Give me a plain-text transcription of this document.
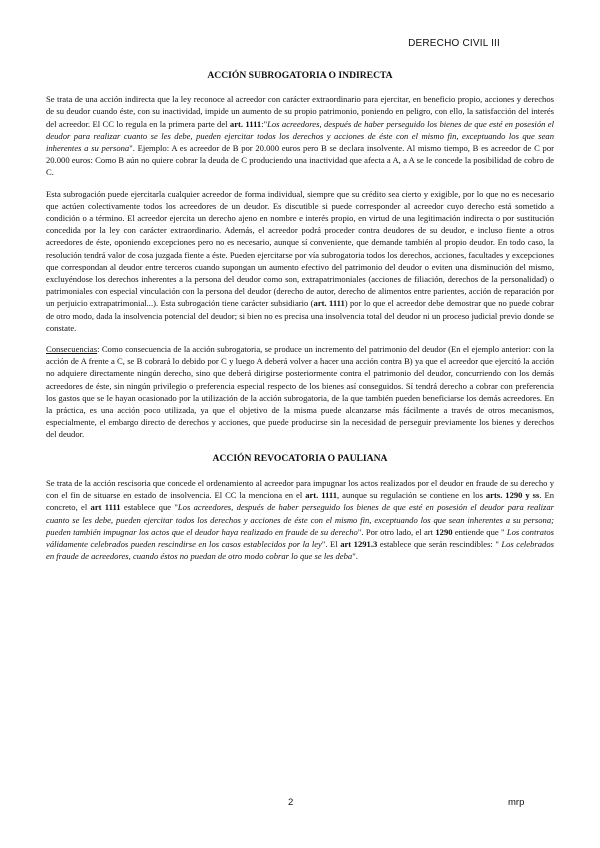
DERECHO CIVIL III
ACCIÓN SUBROGATORIA O INDIRECTA

Se trata de una acción indirecta que la ley reconoce al acreedor con carácter extraordinario para ejercitar, en beneficio propio, acciones y derechos de su deudor cuando éste, con su inactividad, impide un aumento de su propio patrimonio, poniendo en peligro, con ello, la satisfacción del interés del acreedor. El CC lo regula en la primera parte del art. 1111:"Los acreedores, después de haber perseguido los bienes de que esté en posesión el deudor para realizar cuanto se les debe, pueden ejercitar todos los derechos y acciones de éste con el mismo fin, exceptuando los que sean inherentes a su persona". Ejemplo: A es acreedor de B por 20.000 euros pero B se declara insolvente. Al mismo tiempo, B es acreedor de C por 20.000 euros: Como B aún no quiere cobrar la deuda de C produciendo una inactividad que afecta a A, a A se le concede la posibilidad de cobro de C.

Esta subrogación puede ejercitarla cualquier acreedor de forma individual, siempre que su crédito sea cierto y exigible, por lo que no es necesario que actúen colectivamente todos los acreedores de un deudor. Es discutible si puede corresponder al acreedor cuyo derecho está sometido a condición o a término. El acreedor ejercita un derecho ajeno en nombre e interés propio, en virtud de una legitimación indirecta o por sustitución concedida por la ley con carácter extraordinario. Además, el acreedor podrá proceder contra deudores de su deudor, e incluso fiente a otros acreedores de éste, oponiendo excepciones pero no es necesario, aunque sí conveniente, que demande también al propio deudor. En todo caso, la resolución tendrá valor de cosa juzgada fiente a éste. Pueden ejercitarse por vía subrogatoria todos los derechos, acciones, facultades y excepciones que correspondan al deudor entre terceros cuando supongan un aumento efectivo del patrimonio del deudor o eviten una disminución del mismo, excluyéndose los derechos inherentes a la persona del deudor como son, extrapatrimoniales (acciones de filiación, derechos de la personalidad) o patrimoniales con especial vinculación con la persona del deudor (derecho de autor, derecho de alimentos entre parientes, acción de reparación por un perjuicio extrapatrimonial...). Esta subrogación tiene carácter subsidiario (art. 1111) por lo que el acreedor debe demostrar que no puede cobrar de otro modo, dada la insolvencia potencial del deudor; si bien no es precisa una insolvencia total del deudor ni un proceso judicial previo donde se constate.

Consecuencias: Como consecuencia de la acción subrogatoria, se produce un incremento del patrimonio del deudor (En el ejemplo anterior: con la acción de A frente a C, se B cobrará lo debido por C y luego A deberá volver a hacer una acción contra B) ya que el acreedor que ejercitó la acción no adquiere directamente ningún derecho, sino que deberá dirigirse posteriormente contra el patrimonio del deudor, concurriendo con los demás acreedores de éste, sin ningún privilegio o preferencia especial respecto de los bienes así conseguidos. Sí tendrá derecho a cobrar con preferencia los gastos que se le hayan ocasionado por la utilización de la acción subrogatoria, de la que también pueden beneficiarse los demás acreedores. En la práctica, es una acción poco utilizada, ya que el objetivo de la misma puede alcanzarse más fácilmente a través de otros mecanismos, especialmente, el embargo directo de derechos y acciones, que puede producirse sin la necesidad de perseguir previamente los bienes y derechos del deudor.

ACCIÓN REVOCATORIA O PAULIANA

Se trata de la acción rescisoria que concede el ordenamiento al acreedor para impugnar los actos realizados por el deudor en fraude de su derecho y con el fin de situarse en estado de insolvencia. El CC la menciona en el art. 1111, aunque su regulación se contiene en los arts. 1290 y ss. En concreto, el art 1111 establece que "Los acreedores, después de haber perseguido los bienes de que esté en posesión el deudor para realizar cuanto se les debe, pueden ejercitar todos los derechos y acciones de éste con el mismo fin, exceptuando los que sean inherentes a su persona; pueden también impugnar los actos que el deudor haya realizado en fraude de su derecho". Por otro lado, el art 1290 entiende que " Los contratos válidamente celebrados pueden rescindirse en los casos establecidos por la ley". El art 1291.3 establece que serán rescindibles: " Los celebrados en fraude de acreedores, cuando éstos no puedan de otro modo cobrar lo que se les deba".

2	mrp
